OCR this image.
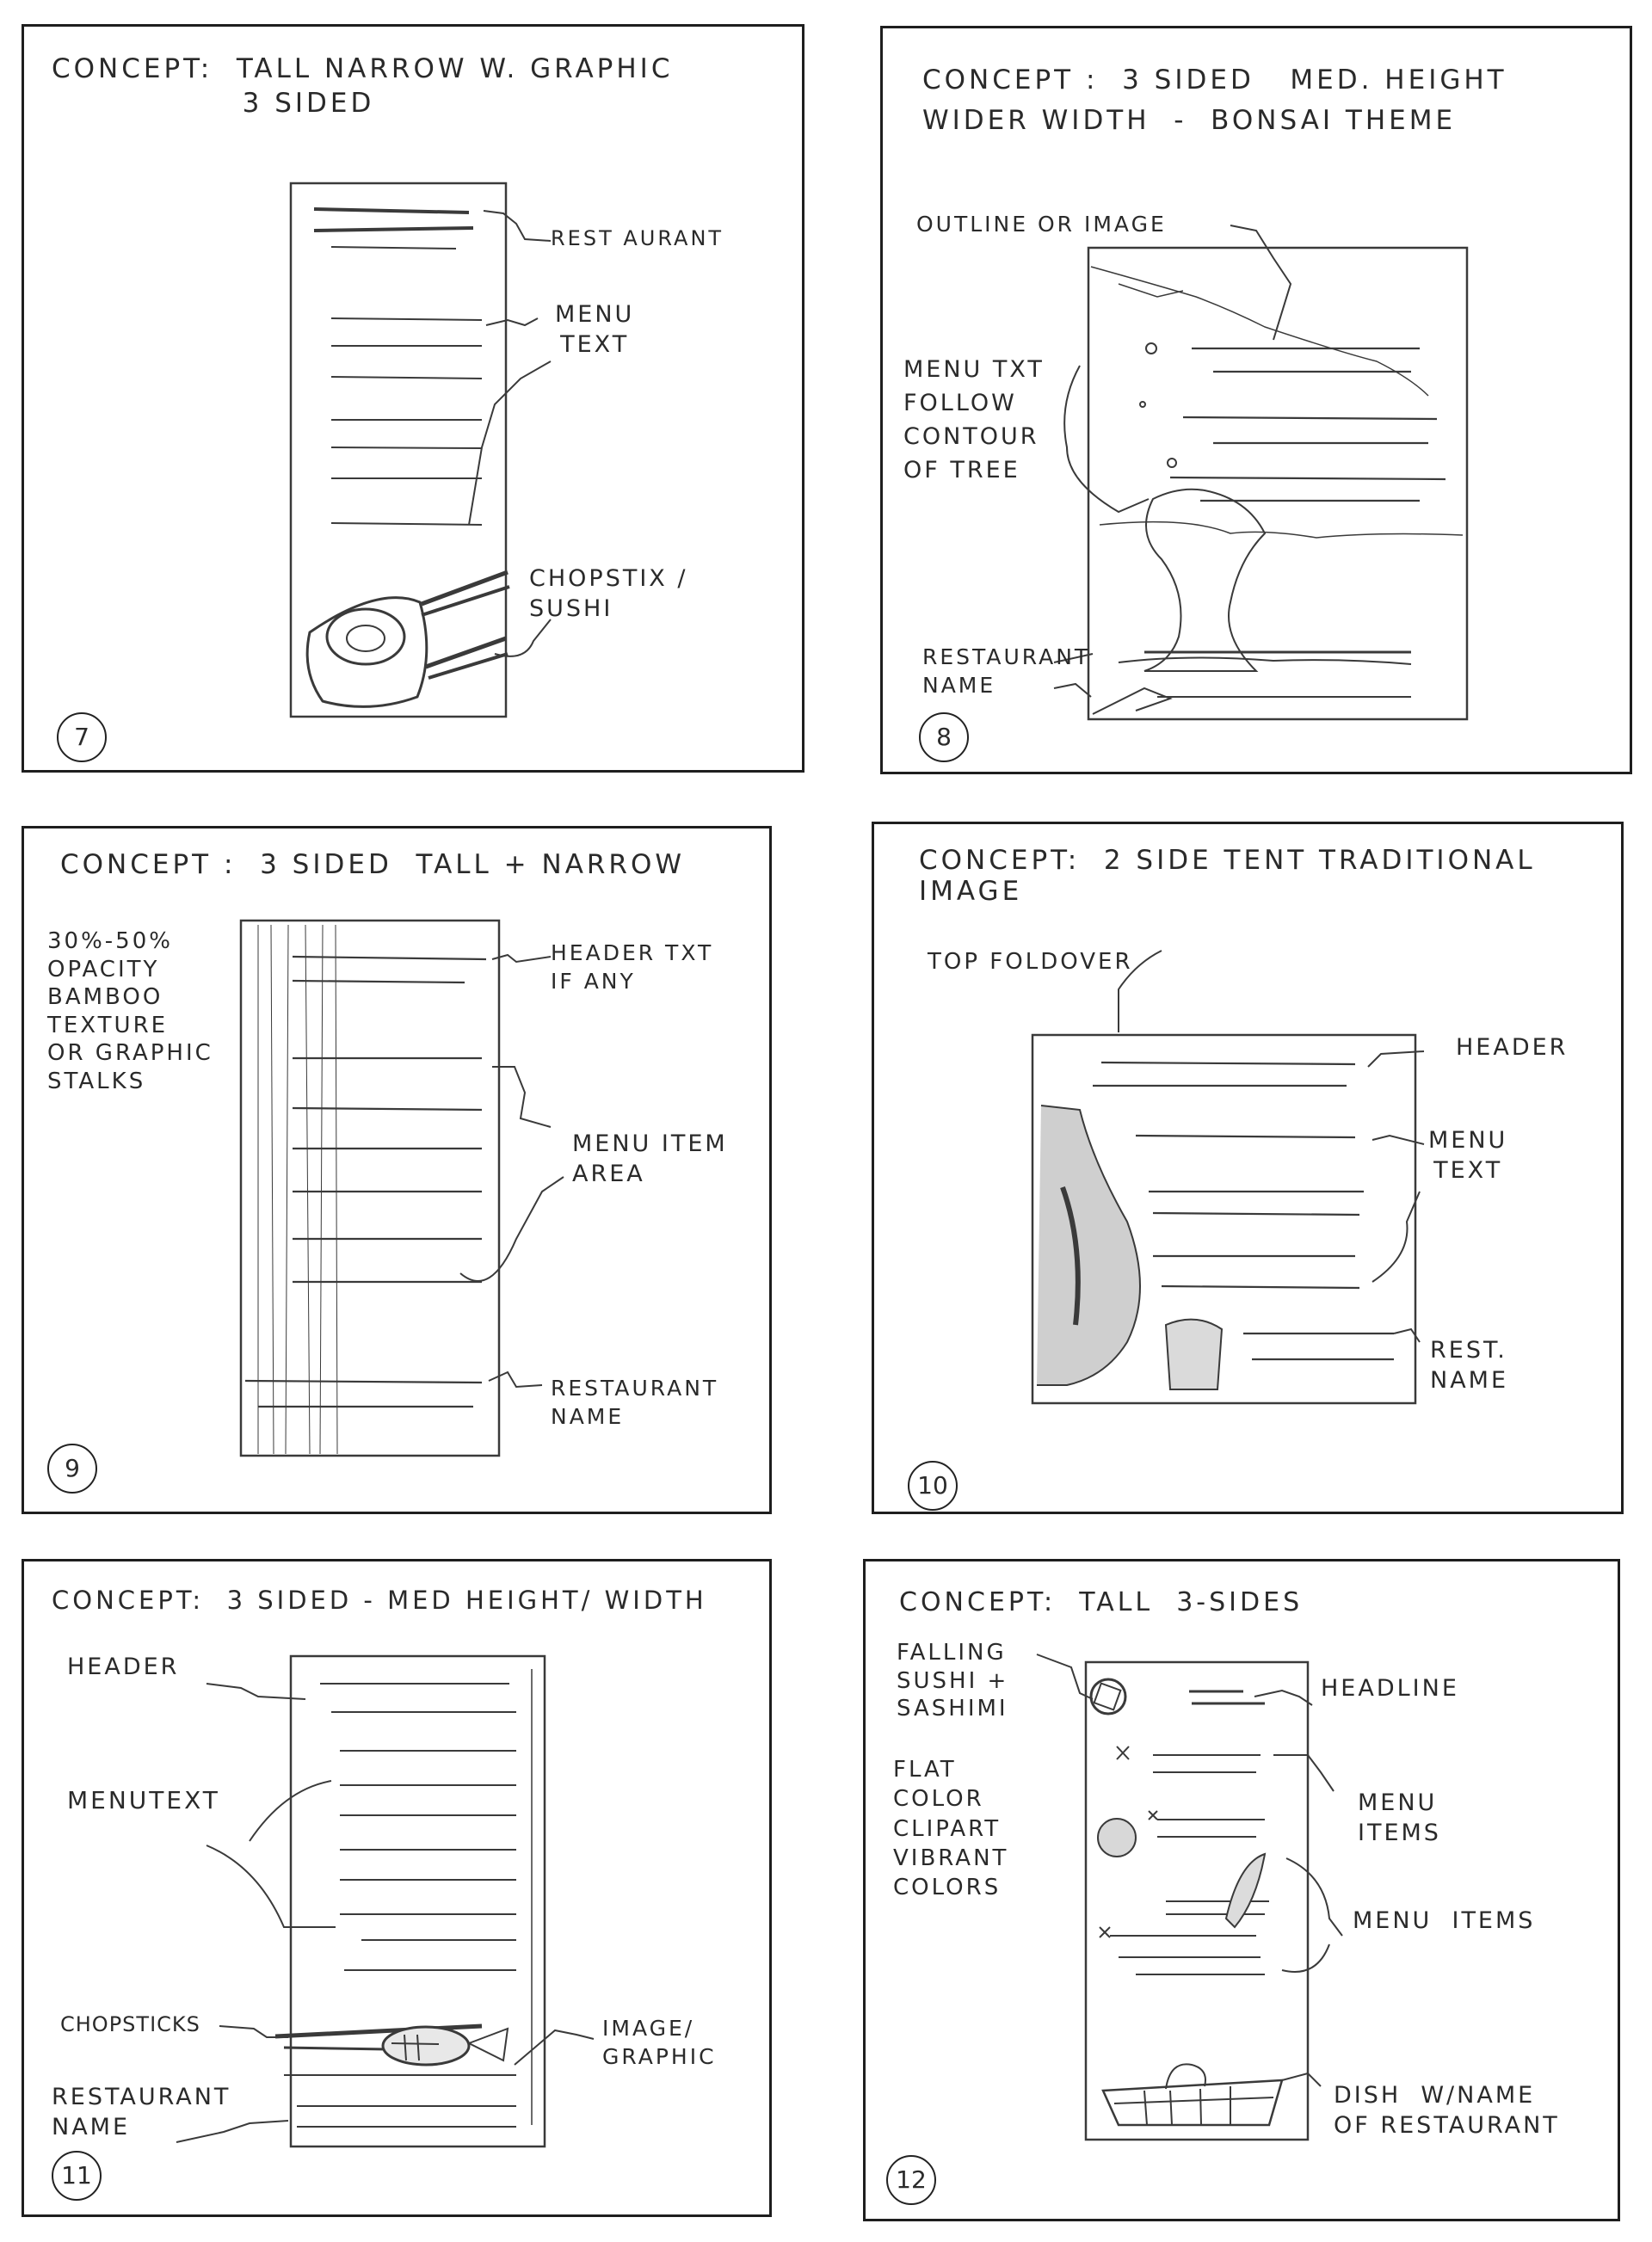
CONCEPT:  TALL NARROW W. GRAPHIC
3 SIDED
REST AURANT
MENU
TEXT
CHOPSTIX /
SUSHI
7
CONCEPT :  3 SIDED   MED. HEIGHT
WIDER WIDTH  -  BONSAI THEME
OUTLINE OR IMAGE
MENU TXT
FOLLOW
CONTOUR
OF TREE
RESTAURANT
NAME
8
CONCEPT :  3 SIDED  TALL + NARROW
30%-50%
OPACITY
BAMBOO
TEXTURE
OR GRAPHIC
STALKS
HEADER TXT
IF ANY
MENU ITEM
AREA
RESTAURANT
NAME
9
CONCEPT:  2 SIDE TENT TRADITIONAL
IMAGE
TOP FOLDOVER
HEADER
MENU
TEXT
REST.
NAME
10
CONCEPT:  3 SIDED - MED HEIGHT/ WIDTH
HEADER
MENUTEXT
CHOPSTICKS	IMAGE/
GRAPHIC
RESTAURANT
NAME
11
CONCEPT:  TALL  3-SIDES
FALLING
SUSHI +
SASHIMI
FLAT
COLOR
CLIPART
VIBRANT
COLORS
HEADLINE
MENU
ITEMS
MENU  ITEMS
DISH  W/NAME
OF RESTAURANT
12
